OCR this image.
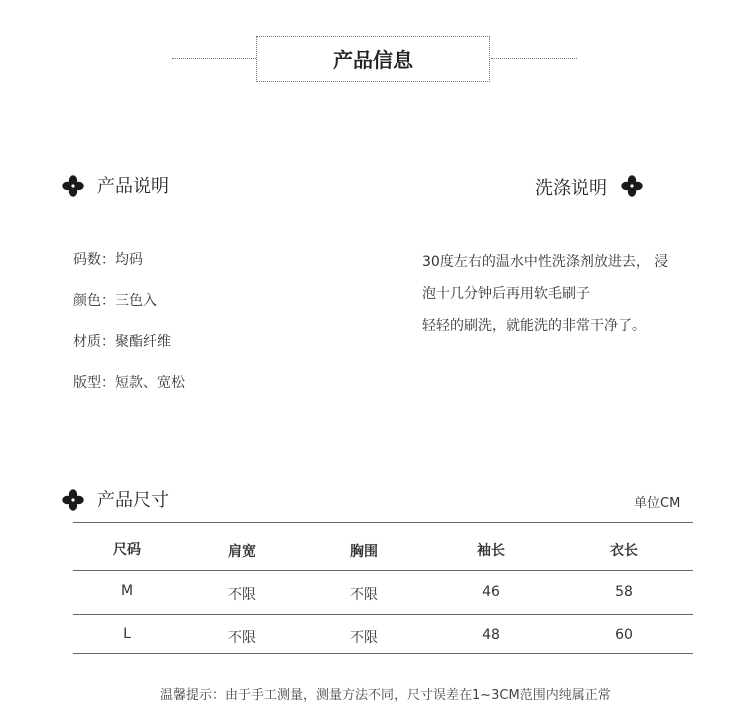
产品信息
产品说明
码数：均码
颜色：三色入
材质：聚酯纤维
版型：短款、宽松
洗涤说明
30度左右的温水中性洗涤剂放进去， 浸
泡十几分钟后再用软毛刷子
轻轻的刷洗，就能洗的非常干净了。
产品尺寸	单位CM
尺码	肩宽	胸围	袖长	衣长
M	不限	不限	46	58
L	不限	不限	48	60
温馨提示：由于手工测量，测量方法不同，尺寸误差在1~3CM范围内纯属正常
